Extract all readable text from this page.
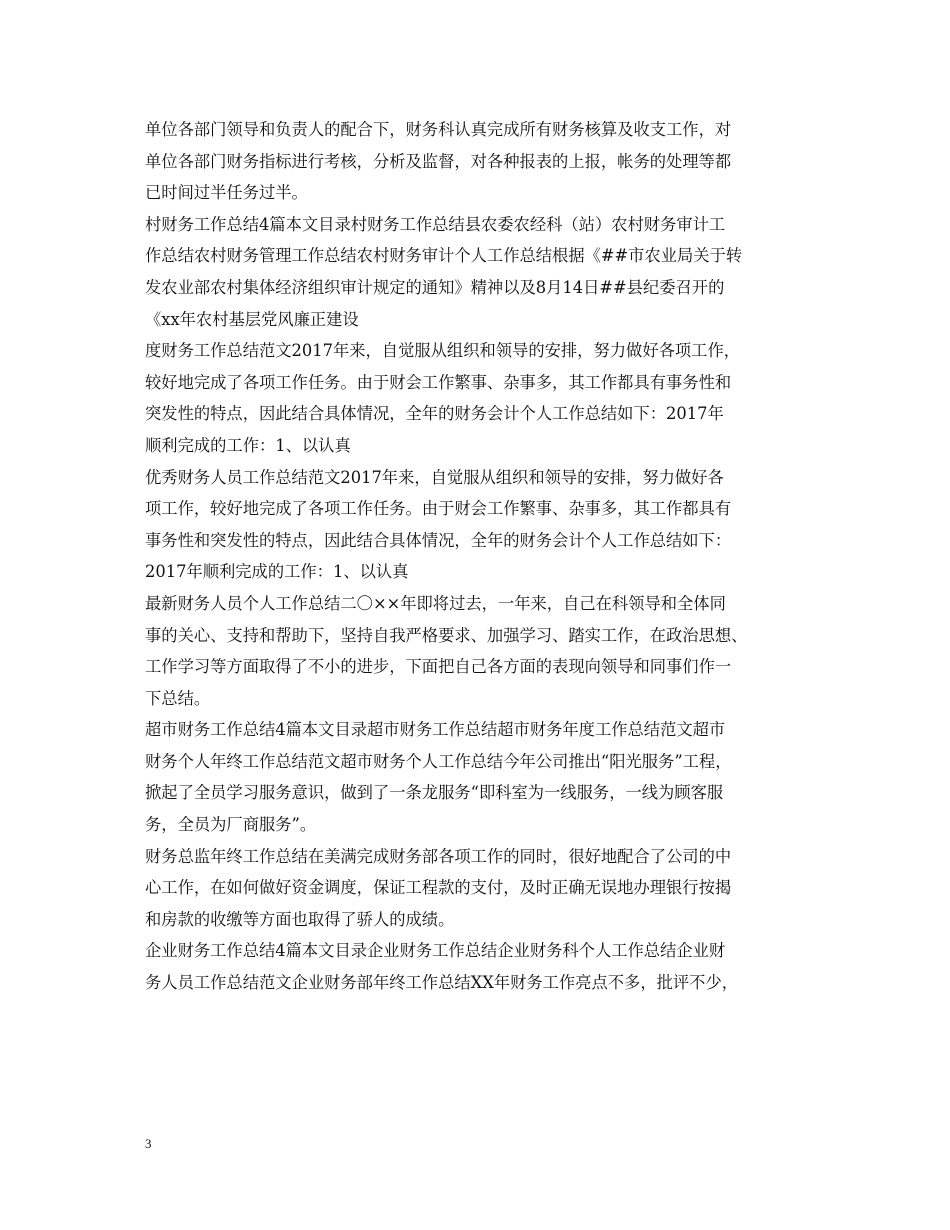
单位各部门领导和负责人的配合下，财务科认真完成所有财务核算及收支工作，对
单位各部门财务指标进行考核，分析及监督，对各种报表的上报，帐务的处理等都
已时间过半任务过半。

村财务工作总结4篇本文目录村财务工作总结县农委农经科（站）农村财务审计工
作总结农村财务管理工作总结农村财务审计个人工作总结根据《##市农业局关于转
发农业部农村集体经济组织审计规定的通知》精神以及8月14日##县纪委召开的
《xx年农村基层党风廉正建设

度财务工作总结范文2017年来，自觉服从组织和领导的安排，努力做好各项工作，
较好地完成了各项工作任务。由于财会工作繁事、杂事多，其工作都具有事务性和
突发性的特点，因此结合具体情况，全年的财务会计个人工作总结如下：2017年
顺利完成的工作：1、以认真

优秀财务人员工作总结范文2017年来，自觉服从组织和领导的安排，努力做好各
项工作，较好地完成了各项工作任务。由于财会工作繁事、杂事多，其工作都具有
事务性和突发性的特点，因此结合具体情况，全年的财务会计个人工作总结如下：
2017年顺利完成的工作：1、以认真

最新财务人员个人工作总结二〇××年即将过去，一年来，自己在科领导和全体同
事的关心、支持和帮助下，坚持自我严格要求、加强学习、踏实工作，在政治思想、
工作学习等方面取得了不小的进步，下面把自己各方面的表现向领导和同事们作一
下总结。

超市财务工作总结4篇本文目录超市财务工作总结超市财务年度工作总结范文超市
财务个人年终工作总结范文超市财务个人工作总结今年公司推出“阳光服务”工程，
掀起了全员学习服务意识，做到了一条龙服务“即科室为一线服务，一线为顾客服
务，全员为厂商服务”。

财务总监年终工作总结在美满完成财务部各项工作的同时，很好地配合了公司的中
心工作，在如何做好资金调度，保证工程款的支付，及时正确无误地办理银行按揭
和房款的收缴等方面也取得了骄人的成绩。

企业财务工作总结4篇本文目录企业财务工作总结企业财务科个人工作总结企业财
务人员工作总结范文企业财务部年终工作总结XX年财务工作亮点不多，批评不少，

3
